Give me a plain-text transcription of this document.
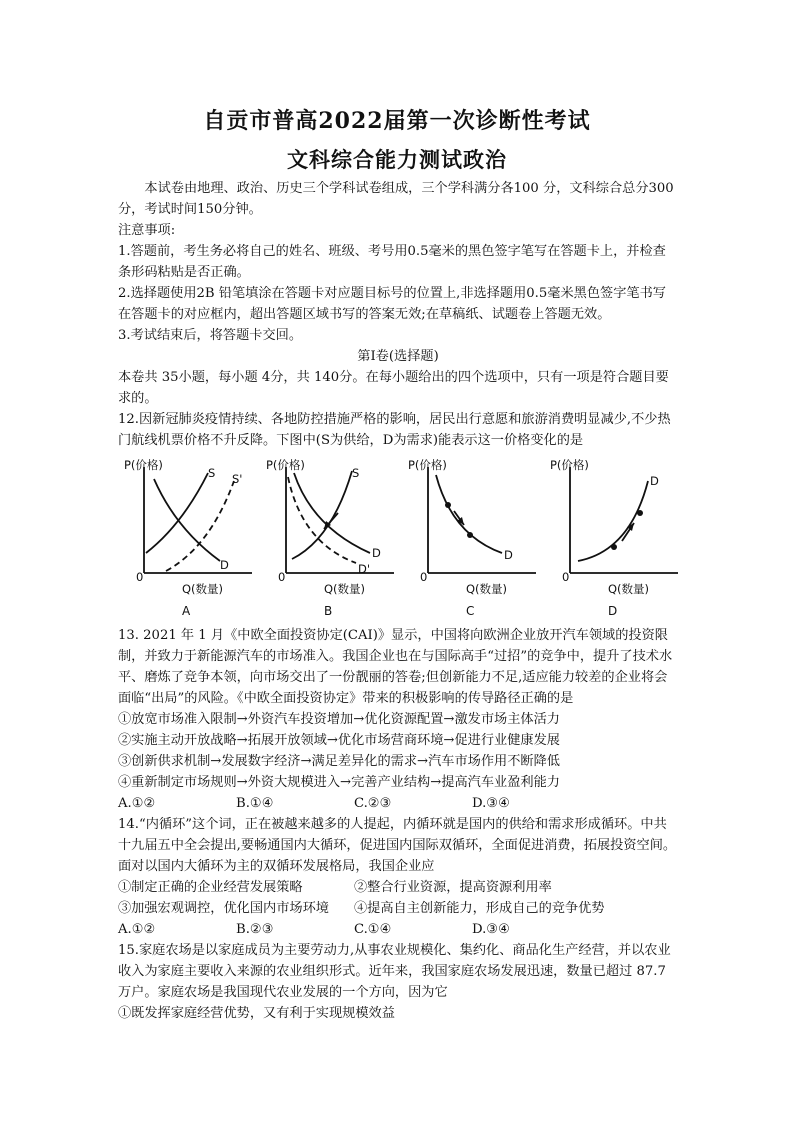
自贡市普高2022届第一次诊断性考试
文科综合能力测试政治

本试卷由地理、政治、历史三个学科试卷组成，三个学科满分各100 分，文科综合总分300分，考试时间150分钟。

注意事项:

1.答题前，考生务必将自己的姓名、班级、考号用0.5毫米的黑色签字笔写在答题卡上，并检查条形码粘贴是否正确。

2.选择题使用2B 铅笔填涂在答题卡对应题目标号的位置上,非选择题用0.5毫米黑色签字笔书写在答题卡的对应框内，超出答题区域书写的答案无效;在草稿纸、试题卷上答题无效。

3.考试结束后，将答题卡交回。

第Ⅰ卷(选择题)

本卷共 35小题，每小题 4分，共 140分。在每小题给出的四个选项中，只有一项是符合题目要求的。

12.因新冠肺炎疫情持续、各地防控措施严格的影响，居民出行意愿和旅游消费明显减少,不少热门航线机票价格不升反降。下图中(S为供给，D为需求)能表示这一价格变化的是

P(价格)
S S'
D
0
Q(数量)
A
P(价格)
S
D
D'
0
Q(数量)
B
P(价格)
D
0
Q(数量)
C
P(价格)
D
0
Q(数量)
D

13. 2021 年 1 月《中欧全面投资协定(CAI)》显示，中国将向欧洲企业放开汽车领域的投资限制，并致力于新能源汽车的市场准入。我国企业也在与国际高手“过招”的竞争中，提升了技术水平、磨炼了竞争本领，向市场交出了一份靓丽的答卷;但创新能力不足,适应能力较差的企业将会面临“出局”的风险。《中欧全面投资协定》带来的积极影响的传导路径正确的是

①放宽市场准入限制→外资汽车投资增加→优化资源配置→激发市场主体活力

②实施主动开放战略→拓展开放领域→优化市场营商环境→促进行业健康发展

③创新供求机制→发展数字经济→满足差异化的需求→汽车市场作用不断降低

④重新制定市场规则→外资大规模进入→完善产业结构→提高汽车业盈利能力

A.①②	B.①④	C.②③	D.③④

14.“内循环”这个词，正在被越来越多的人提起，内循环就是国内的供给和需求形成循环。中共十九届五中全会提出,要畅通国内大循环，促进国内国际双循环，全面促进消费，拓展投资空间。面对以国内大循环为主的双循环发展格局，我国企业应

①制定正确的企业经营发展策略	②整合行业资源，提高资源利用率

③加强宏观调控，优化国内市场环境 ④提高自主创新能力，形成自己的竞争优势

A.①②	B.②③	C.①④	D.③④

15.家庭农场是以家庭成员为主要劳动力,从事农业规模化、集约化、商品化生产经营，并以农业收入为家庭主要收入来源的农业组织形式。近年来，我国家庭农场发展迅速，数量已超过 87.7 万户。家庭农场是我国现代农业发展的一个方向，因为它

①既发挥家庭经营优势，又有利于实现规模效益
